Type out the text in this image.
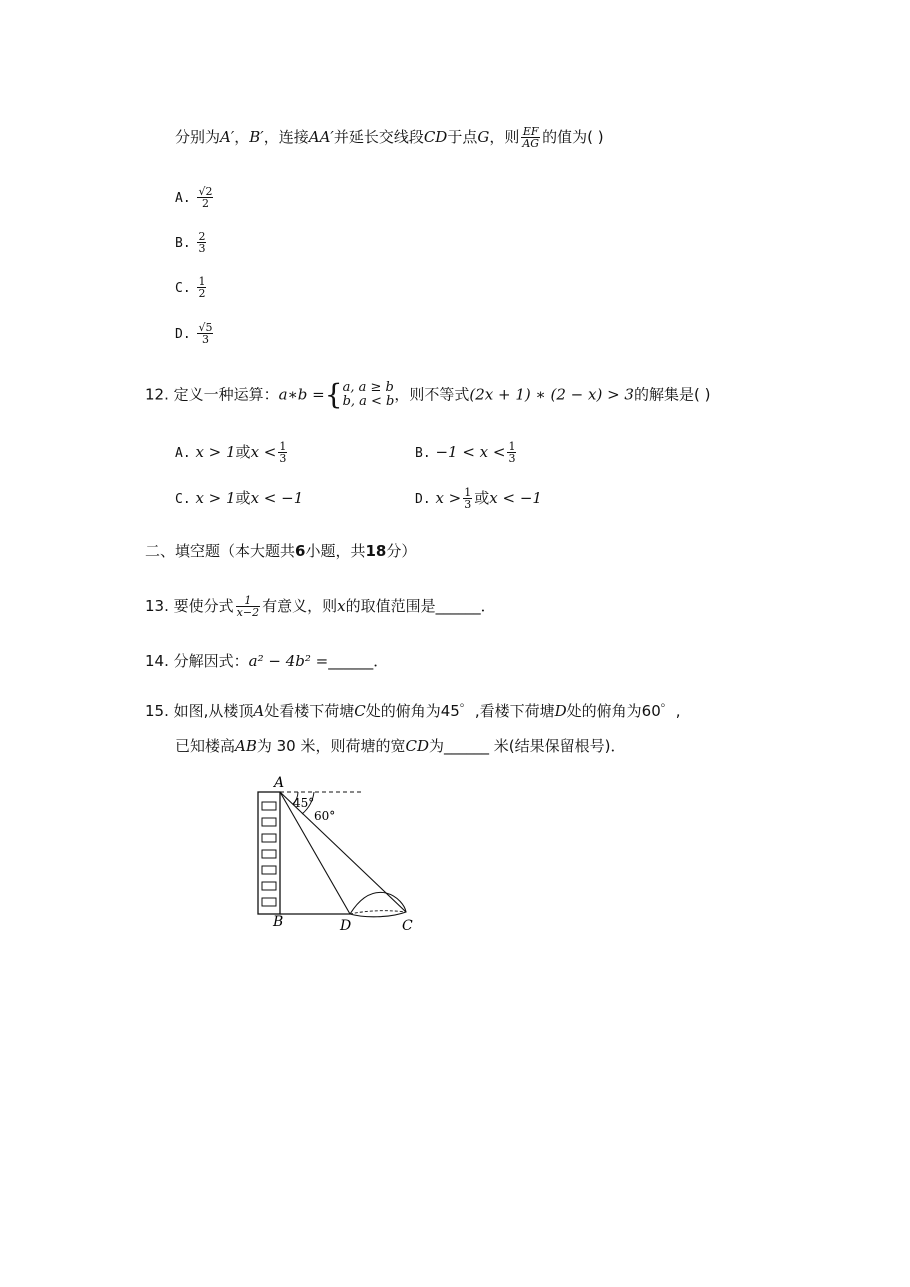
分别为A′，B′，连接AA′并延长交线段CD于点G，则 $\frac{EF}{AG}$ 的值为( )
A. $\frac{√2}{2}$
B. $\frac{2}{3}$
C. $\frac{1}{2}$
D. $\frac{√5}{3}$
12. 定义一种运算：a∗b ={ a, a ≥ b
b, a < b ，则不等式(2x + 1) ∗ (2 − x) > 3的解集是( )
A. x > 1或$x < \frac{1}{3}$	B. $-1 < x < \frac{1}{3}$
C. x > 1或x < −1	D. $x > \frac{1}{3}$ 或x < −1
二、填空题（本大题共6小题，共18分）
13. 要使分式 $\frac{1}{x-2}$ 有意义，则x的取值范围是______．
14. 分解因式：a² − 4b² =______．
15. 如图,从楼顶A处看楼下荷塘C处的俯角为45゜,看楼下荷塘D处的俯角为60゜,
已知楼高AB为 30 米，则荷塘的宽CD为______ 米(结果保留根号)．
A
B	D	C
45°
60°
